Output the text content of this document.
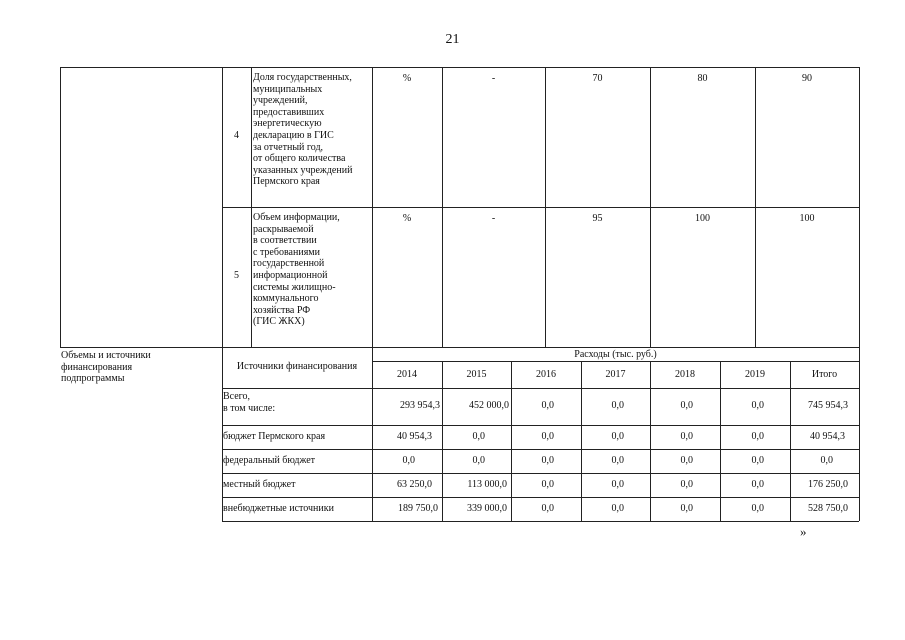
21
4
Доля государственных,
муниципальных
учреждений,
предоставивших
энергетическую
декларацию в ГИС
за отчетный год,
от общего количества
указанных учреждений
Пермского края
%	-	70	80	90
5
Объем информации,
раскрываемой
в соответствии
с требованиями
государственной
информационной
системы жилищно-
коммунального
хозяйства РФ
(ГИС ЖКХ)
%	-	95	100	100
Объемы и источники
финансирования
подпрограммы
Источники финансирования
Расходы (тыс. руб.)
2014	2015	2016	2017	2018	2019	Итого
Всего,
в том числе:	293 954,3	452 000,0	0,0	0,0	0,0	0,0	745 954,3
бюджет Пермского края	40 954,3	0,0	0,0	0,0	0,0	0,0	40 954,3
федеральный бюджет	0,0	0,0	0,0	0,0	0,0	0,0	0,0
местный бюджет	63 250,0	113 000,0	0,0	0,0	0,0	0,0	176 250,0
внебюджетные источники	189 750,0	339 000,0	0,0	0,0	0,0	0,0	528 750,0
»
